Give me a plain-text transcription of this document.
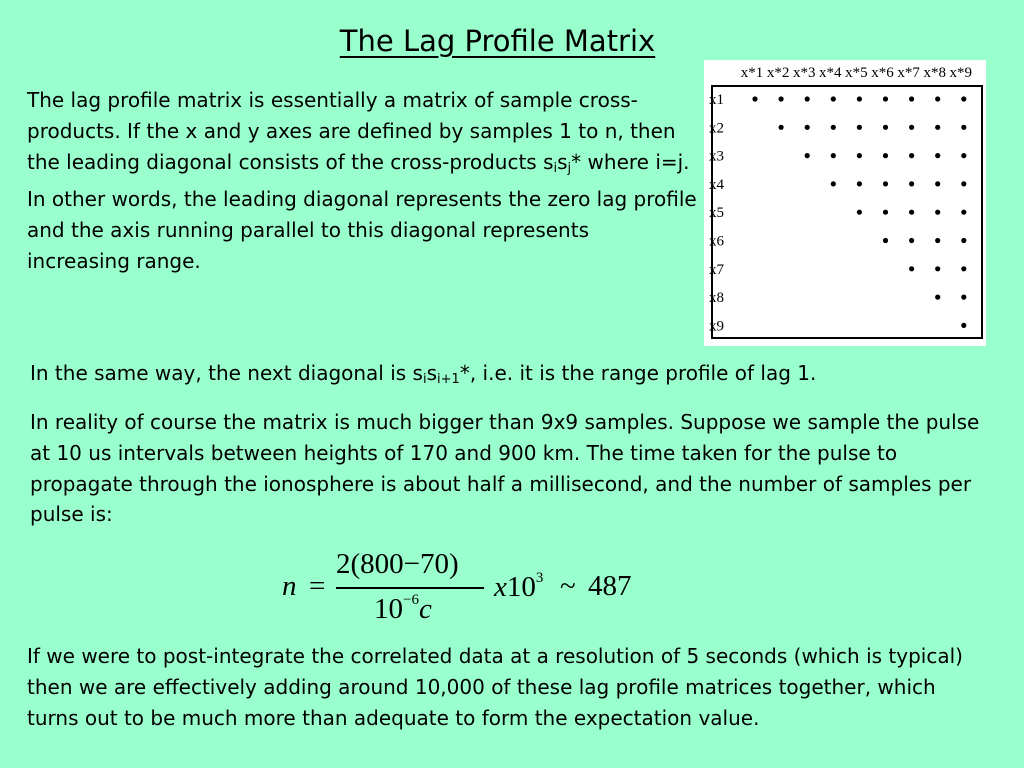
The Lag Profile Matrix

The lag profile matrix is essentially a matrix of sample cross-products. If the x and y axes are defined by samples 1 to n, then the leading diagonal consists of the cross-products $s_is_j*$ where i=j. In other words, the leading diagonal represents the zero lag profile and the axis running parallel to this diagonal represents increasing range.

x*1 x*2 x*3 x*4 x*5 x*6 x*7 x*8 x*9
x1
x2
x3
x4
x5
x6
x7
x8
x9

In the same way, the next diagonal is $s_is_{i+1}*$, i.e. it is the range profile of lag 1.

In reality of course the matrix is much bigger than 9x9 samples. Suppose we sample the pulse at 10 us intervals between heights of 170 and 900 km. The time taken for the pulse to propagate through the ionosphere is about half a millisecond, and the number of samples per pulse is:

n =
2(800−70)
$10^{-6}c$
$x10^3$ ~ 487

If we were to post-integrate the correlated data at a resolution of 5 seconds (which is typical) then we are effectively adding around 10,000 of these lag profile matrices together, which turns out to be much more than adequate to form the expectation value.
